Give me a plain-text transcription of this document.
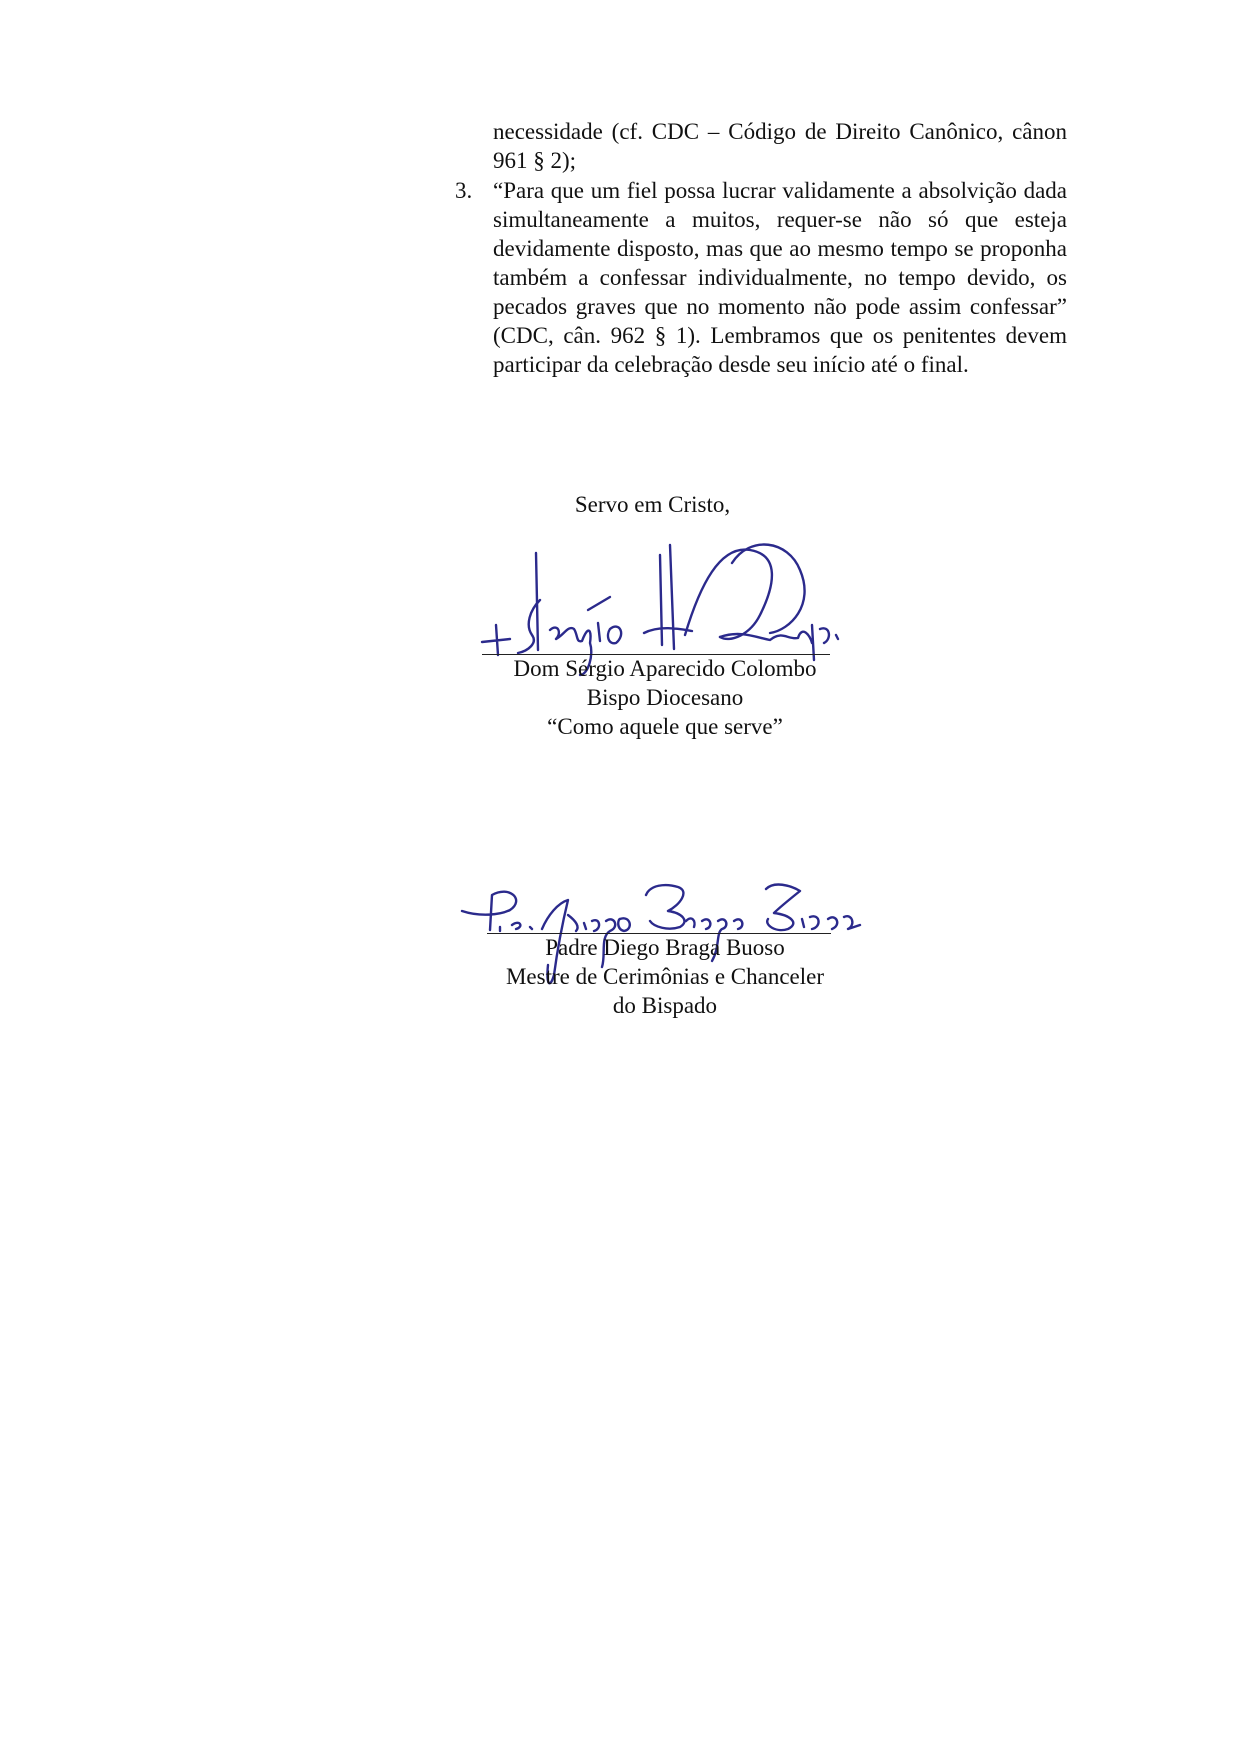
necessidade (cf. CDC – Código de Direito Canônico, cânon 961 § 2);
3. “Para que um fiel possa lucrar validamente a absolvição dada simultaneamente a muitos, requer-se não só que esteja devidamente disposto, mas que ao mesmo tempo se proponha também a confessar individualmente, no tempo devido, os pecados graves que no momento não pode assim confessar” (CDC, cân. 962 § 1). Lembramos que os penitentes devem participar da celebração desde seu início até o final.
Servo em Cristo,
Dom Sérgio Aparecido Colombo
Bispo Diocesano
“Como aquele que serve”
Padre Diego Braga Buoso
Mestre de Cerimônias e Chanceler
do Bispado
